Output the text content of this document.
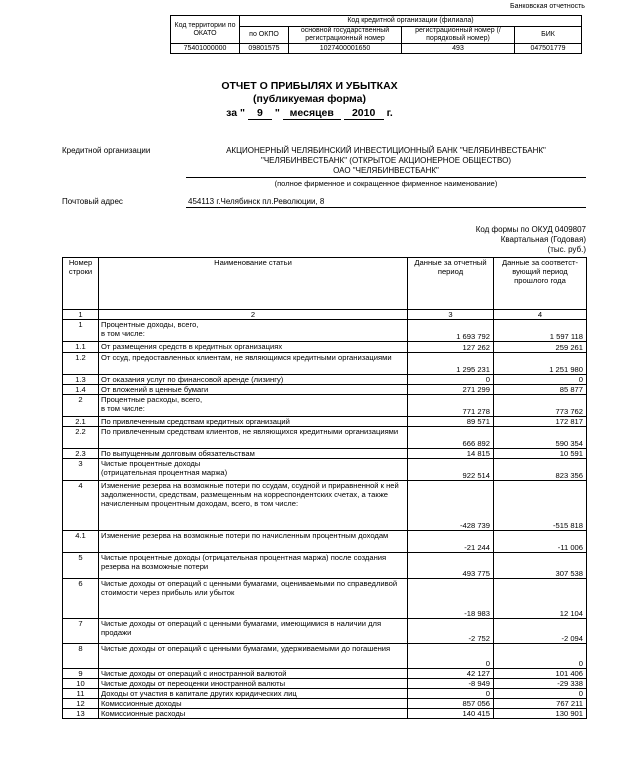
Банковская отчетность
Код территории по ОКАТО	Код кредитной организации (филиала)			
	по ОКПО	основной государственный регистрационный номер	регистрационный номер (/порядковый номер)	БИК
75401000000	09801575	1027400001650	493	047501779
ОТЧЕТ О ПРИБЫЛЯХ И УБЫТКАХ
(публикуемая форма)
за " 9 " месяцев 2010 г.
Кредитной организации	АКЦИОНЕРНЫЙ ЧЕЛЯБИНСКИЙ ИНВЕСТИЦИОННЫЙ БАНК "ЧЕЛЯБИНВЕСТБАНК"
"ЧЕЛЯБИНВЕСТБАНК" (ОТКРЫТОЕ АКЦИОНЕРНОЕ ОБЩЕСТВО)
ОАО "ЧЕЛЯБИНВЕСТБАНК"
(полное фирменное и сокращенное фирменное наименование)
Почтовый адрес	454113 г.Челябинск пл.Революции, 8
Код формы по ОКУД 0409807
Квартальная (Годовая)
(тыс. руб.)
Номер строки	Наименование статьи	Данные за отчетный период	Данные за соответст- вующий период прошлого года
1	2	3	4
1	Процентные доходы, всего,
в том числе:	1 693 792	1 597 118
1.1	От размещения средств в кредитных организациях	127 262	259 261
1.2	От ссуд, предоставленных клиентам, не являющимся кредитными организациями	1 295 231	1 251 980
1.3	От оказания услуг по финансовой аренде (лизингу)	0	0
1.4	От вложений в ценные бумаги	271 299	85 877
2	Процентные расходы, всего,
в том числе:	771 278	773 762
2.1	По привлеченным средствам кредитных организаций	89 571	172 817
2.2	По привлеченным средствам клиентов, не являющихся кредитными организациями	666 892	590 354
2.3	По выпущенным долговым обязательствам	14 815	10 591
3	Чистые процентные доходы
(отрицательная процентная маржа)	922 514	823 356
4	Изменение резерва на возможные потери по ссудам, ссудной и приравненной к ней задолженности, средствам, размещенным на корреспондентских счетах, а также начисленным процентным доходам, всего, в том числе:	-428 739	-515 818
4.1	Изменение резерва на возможные потери по начисленным процентным доходам	-21 244	-11 006
5	Чистые процентные доходы (отрицательная процентная маржа) после создания резерва на возможные потери	493 775	307 538
6	Чистые доходы от операций с ценными бумагами, оцениваемыми по справедливой стоимости через прибыль или убыток	-18 983	12 104
7	Чистые доходы от операций с ценными бумагами, имеющимися в наличии для продажи	-2 752	-2 094
8	Чистые доходы от операций с ценными бумагами, удерживаемыми до погашения	0	0
9	Чистые доходы от операций с иностранной валютой	42 127	101 406
10	Чистые доходы от переоценки иностранной валюты	-8 949	-29 338
11	Доходы от участия в капитале других юридических лиц	0	0
12	Комиссионные доходы	857 056	767 211
13	Комиссионные расходы	140 415	130 901
